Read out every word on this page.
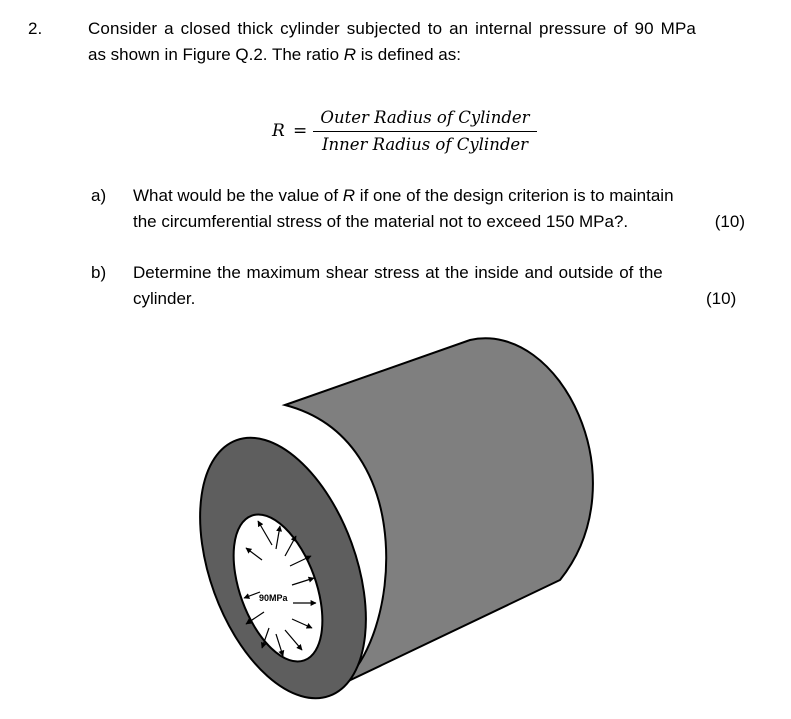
2.	Consider a closed thick cylinder subjected to an internal pressure of 90 MPa
as shown in Figure Q.2. The ratio R is defined as:
R =
Outer Radius of Cylinder
Inner Radius of Cylinder
a) What would be the value of R if one of the design criterion is to maintain
the circumferential stress of the material not to exceed 150 MPa?.	(10)
b) Determine the maximum shear stress at the inside and outside of the
cylinder.	(10)
90MPa
